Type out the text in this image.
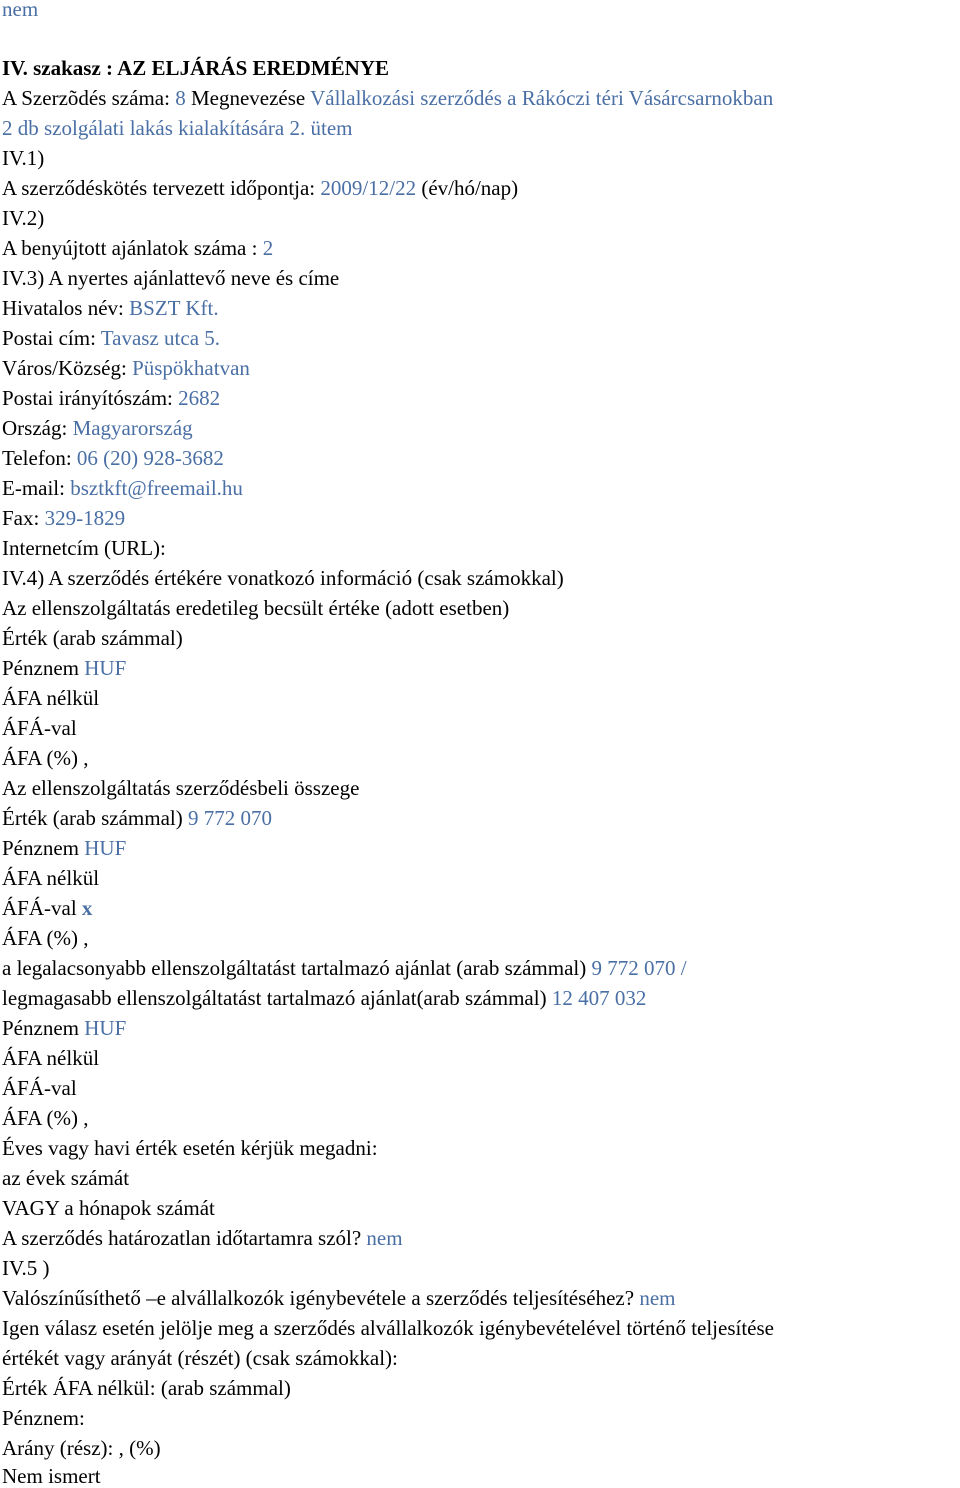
nem
IV. szakasz : AZ ELJÁRÁS EREDMÉNYE
A Szerzõdés száma: 8 Megnevezése Vállalkozási szerződés a Rákóczi téri Vásárcsarnokban
2 db szolgálati lakás kialakítására 2. ütem
IV.1)
A szerződéskötés tervezett időpontja: 2009/12/22 (év/hó/nap)
IV.2)
A benyújtott ajánlatok száma : 2
IV.3) A nyertes ajánlattevő neve és címe
Hivatalos név: BSZT Kft.
Postai cím: Tavasz utca 5.
Város/Község: Püspökhatvan
Postai irányítószám: 2682
Ország: Magyarország
Telefon: 06 (20) 928-3682
E-mail: bsztkft@freemail.hu
Fax: 329-1829
Internetcím (URL):
IV.4) A szerződés értékére vonatkozó információ (csak számokkal)
Az ellenszolgáltatás eredetileg becsült értéke (adott esetben)
Érték (arab számmal)
Pénznem HUF
ÁFA nélkül
ÁFÁ-val
ÁFA (%) ,
Az ellenszolgáltatás szerződésbeli összege
Érték (arab számmal) 9 772 070
Pénznem HUF
ÁFA nélkül
ÁFÁ-val x
ÁFA (%) ,
a legalacsonyabb ellenszolgáltatást tartalmazó ajánlat (arab számmal) 9 772 070 /
legmagasabb ellenszolgáltatást tartalmazó ajánlat(arab számmal) 12 407 032
Pénznem HUF
ÁFA nélkül
ÁFÁ-val
ÁFA (%) ,
Éves vagy havi érték esetén kérjük megadni:
az évek számát
VAGY a hónapok számát
A szerződés határozatlan időtartamra szól? nem
IV.5 )
Valószínűsíthető –e alvállalkozók igénybevétele a szerződés teljesítéséhez? nem
Igen válasz esetén jelölje meg a szerződés alvállalkozók igénybevételével történő teljesítése
értékét vagy arányát (részét) (csak számokkal):
Érték ÁFA nélkül: (arab számmal)
Pénznem:
Arány (rész): , (%)
Nem ismert
